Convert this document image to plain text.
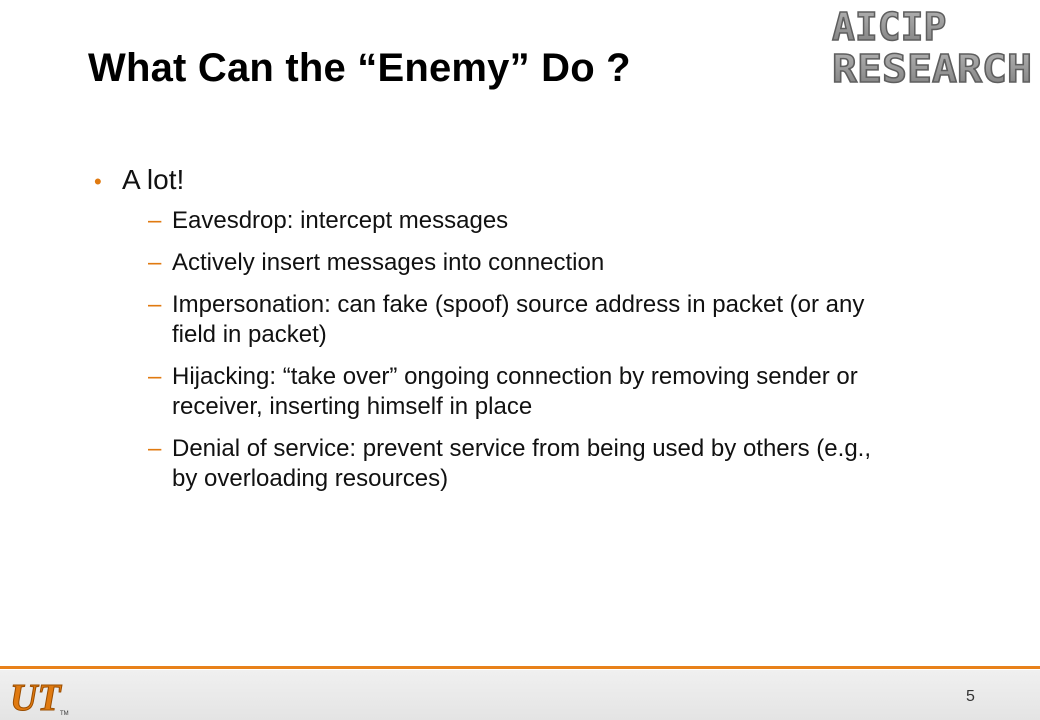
What Can the “Enemy” Do ?
AICIP
RESEARCH
• A lot!
– Eavesdrop: intercept messages
– Actively insert messages into connection
– Impersonation: can fake (spoof) source address in packet (or any field in packet)
– Hijacking: “take over” ongoing connection by removing sender or receiver, inserting himself in place
– Denial of service: prevent service from being used by others (e.g., by overloading resources)
UT TM
5
